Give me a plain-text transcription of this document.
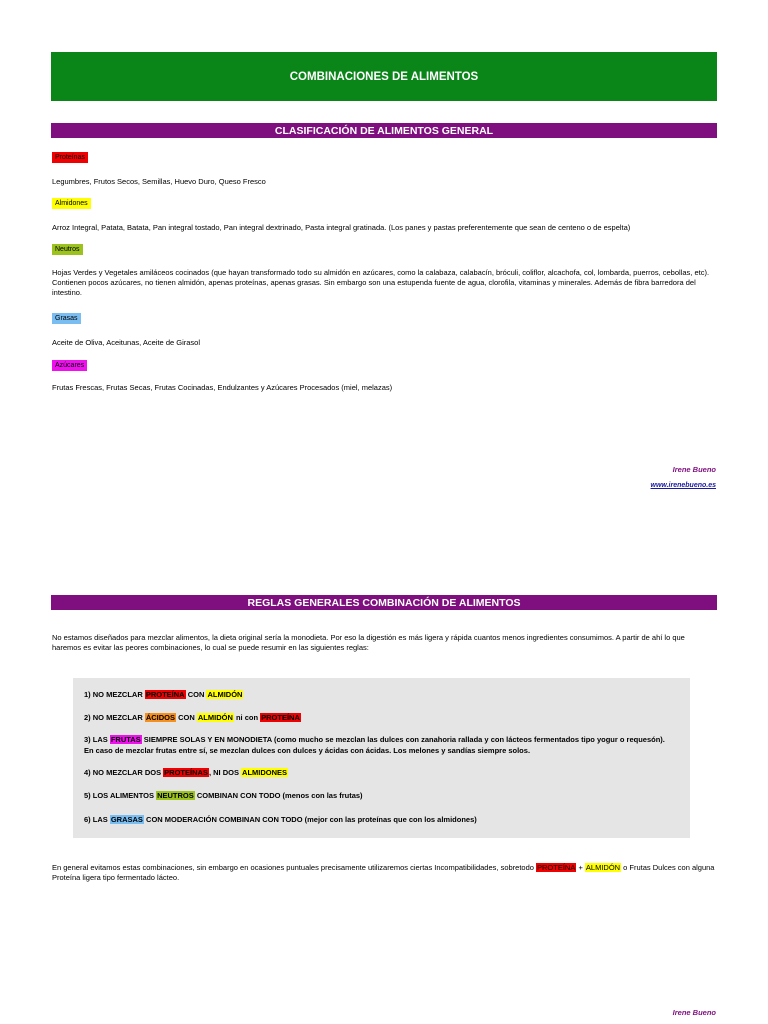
COMBINACIONES DE ALIMENTOS
CLASIFICACIÓN DE ALIMENTOS GENERAL
Proteínas
Legumbres, Frutos Secos, Semillas, Huevo Duro, Queso Fresco
Almidones
Arroz Integral, Patata, Batata, Pan integral tostado, Pan integral dextrinado, Pasta integral gratinada. (Los panes y pastas preferentemente que sean de centeno o de espelta)
Neutros
Hojas Verdes y Vegetales amiláceos cocinados (que hayan transformado todo su almidón en azúcares, como la calabaza, calabacín, bróculi, coliflor, alcachofa, col, lombarda, puerros, cebollas, etc). Contienen pocos azúcares, no tienen almidón, apenas proteínas, apenas grasas. Sin embargo son una estupenda fuente de agua, clorofila, vitaminas y minerales. Además de fibra barredora del intestino.
Grasas
Aceite de Oliva, Aceitunas, Aceite de Girasol
Azúcares
Frutas Frescas, Frutas Secas, Frutas Cocinadas, Endulzantes y Azúcares Procesados (miel, melazas)
Irene Bueno
www.irenebueno.es
REGLAS GENERALES COMBINACIÓN DE ALIMENTOS
No estamos diseñados para mezclar alimentos, la dieta original sería la monodieta. Por eso la digestión es más ligera y rápida cuantos menos ingredientes consumimos. A partir de ahí lo que haremos es evitar las peores combinaciones, lo cual se puede resumir en las siguientes reglas:
1) NO MEZCLAR PROTEÍNA CON ALMIDÓN
2) NO MEZCLAR ÁCIDOS CON ALMIDÓN ni con PROTEÍNA
3) LAS FRUTAS SIEMPRE SOLAS Y EN MONODIETA (como mucho se mezclan las dulces con zanahoria rallada y con lácteos fermentados tipo yogur o requesón).
En caso de mezclar frutas entre sí, se mezclan dulces con dulces y ácidas con ácidas. Los melones y sandías siempre solos.
4) NO MEZCLAR DOS PROTEÍNAS, NI DOS ALMIDONES
5) LOS ALIMENTOS NEUTROS COMBINAN CON TODO (menos con las frutas)
6) LAS GRASAS CON MODERACIÓN COMBINAN CON TODO (mejor con las proteínas que con los almidones)
En general evitamos estas combinaciones, sin embargo en ocasiones puntuales precisamente utilizaremos ciertas Incompatibilidades, sobretodo PROTEÍNA + ALMIDÓN o Frutas Dulces con alguna Proteína ligera tipo fermentado lácteo.
Irene Bueno
